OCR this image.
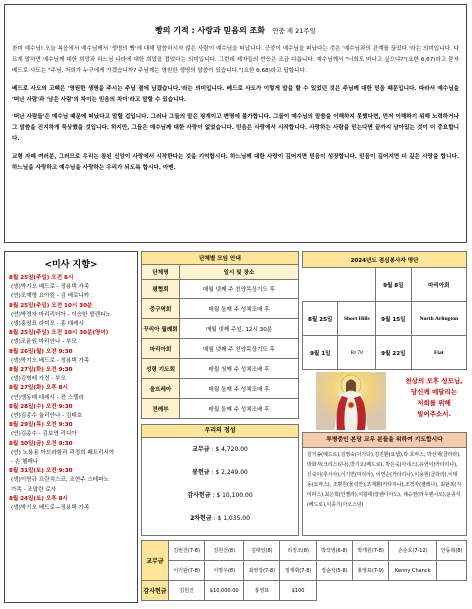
빵의 기적 : 사랑과 믿음의 조화 연중 제 21주일

찬미 예수님! 오늘 복음에서 예수님께서 '생명의 빵'에 대해 말씀하시자 많은 사람이 예수님을 떠납니다. 군중이 예수님을 떠났다는 것은 '예수님과의 관계를 끊었다.'라는 의미입니다. 다르게 말하면 예수님께 대한 희망과 하느님 나라에 대한 희망을 접었다는 의미입니다. 그런데 제자들의 반응은 조금 다릅니다. 예수님께서 "너희도 떠나고 싶으냐?"(요한 6,67)라고 묻자 베드로 사도는 "주님, 저희가 누구에게 가겠습니까? 주님께는 영원한 생명의 말씀이 있습니다."(요한 6,68)라고 답합니다.

베드로 사도의 고백은 '영원한 생명을 주시는 주님 곁에 남겠습니다.'라는 의미입니다. 베드로 사도가 이렇게 말을 할 수 있었던 것은 주님께 대한 믿음 때문입니다. 따라서 예수님을 '떠난 사람'과 '남은 사람'의 차이는 믿음의 차이'라고 말할 수 있습니다.

'떠난 사람들'은 예수님 때문에 떠났다고 말할 겁입니다. 그러나 그들의 말은 핑계이고 변명에 불가합니다. 그들이 예수님의 말씀을 이해하지 못했다면, 먼저 이해하기 위해 노력하거나 그 말씀을 진지하게 묵상했을 것입니다. 하지만, 그들은 예수님께 대한 사랑이 없었습니다. 믿음은 사랑에서 시작합니다. 사랑하는 사람을 믿는다면 끝까지 남아있는 것이 더 중요합니다.

교형 자매 여러분, 그러므로 우리는 참된 신앙이 사랑에서 시작한다는 것을 기억합시다. 하느님께 대한 사랑이 깊어지면 믿음이 성장합니다. 믿음이 깊어지면 더 깊은 사랑을 합니다. 하느님을 사랑하고 예수님을 사랑하는 우리가 되도록 합시다. 아멘.

<미사 지향>
8월 25일(주일) 오전 8시
(생)박기오 베드로 - 정용택 가족
(연)조재형 요아킴 - 김 베로니카
8월 25일(주일) 오전 10시 30분
(연)박경자 마리리더아 - 이승한 발렌티노
(생)홍영표 라미오 - 홍 데레사
8월 25일(주일) 오전 10시 30분(영어)
(생)조윤원 마리안나 - 부모
8월 26일(월) 오전 9:30
(생)박기오 베드로 - 정용택 가족
8월 27일(화) 오전 9:30
(생)김병래 가정 - 부모
8월 27일(화) 오후 8시
(연)엠동매 데레사 - 전 스텔라
8월 28일(수) 오전 9:30
(연)김종수 율리안나 - 김테호
8월 29일(목) 오전 9:30
(연)김종수 - 김보영 리디아
8월 30일(금) 오전 9:30
(연) 노용용 아브라함과 곽정희 페트리시아
- 손 헬레나
8월 31일(토) 오전 9:30
(생)이명규 프란치스코, 조현주 스테파노
가족 - 조말란 로사
8월 24일(토) 오후 8시
(생)박기오 베드로—정용택 가족
단체별 모임 안내	
단체명	일시 및 장소
평협회	매월 넷째 주 친양목상기도 후
중구역회	매월 둘째 주 성체조배 후
꾸리아 월례회	매월 넷째 주일, 12시 30분
마리아회	매월 넷째 주 친양목상기도 후
성령 기도회	매월 첫째 주 성체조배 후
울뜨레아	매월 둘째 주 성체조배 후
전례부	매월 둘째 주 성체조배 후
우리의 정성
교무금 : $ 4,720.00
봉헌금 : $ 2,249.00
감사헌금 : $ 10,100.00
2차헌금 : $ 1,035.00
2024년도 점심봉사자 명단			
		9월 8일	마리아회
8월 25일	Short Hills	9월 15일	North Arlington
9월 1일	Rt 78	9월 22일	Fiat
천상의 모후 성모님,
당신께 매달리는
저희를 위해
빌어주소서.
투병중인 본당 교우 분들을 위하여 기도합시다
김기송(베드로),김영숙(아가다),김진환(요셉),곽 호마스, 박선재(클라라), 박화자(크리스티나),박기오(베드로), 박은숙(아네스),유연이(카타리나),신숙이(루시아),이기연(마리아), 이연순(카타리나),이용현(클라라),이태동(토마스), 조명원(율리안),조계환(카타리나),조정자(헬레나), 최완복(지미파스),최은희(안젤라),여광태(알렌디아노), 채승권(라우렌시오),윤종식(베드로),이종기(아오스딩)
교무금	김번진(7-8)	김원건(8)	김태일(8)	리정조(8)	박작영(6-8)	박재원(7-8)	손순호(7-12)	안동혁(8)
	이기완(7-8)	이명우(8)	최영강(7-8)	정재휘(7-8)	정순자(5-8)	홍영표(7-9)	Kenny Chanck	
감사헌금	김헌진	$10,000.00	홍영표	$100				
